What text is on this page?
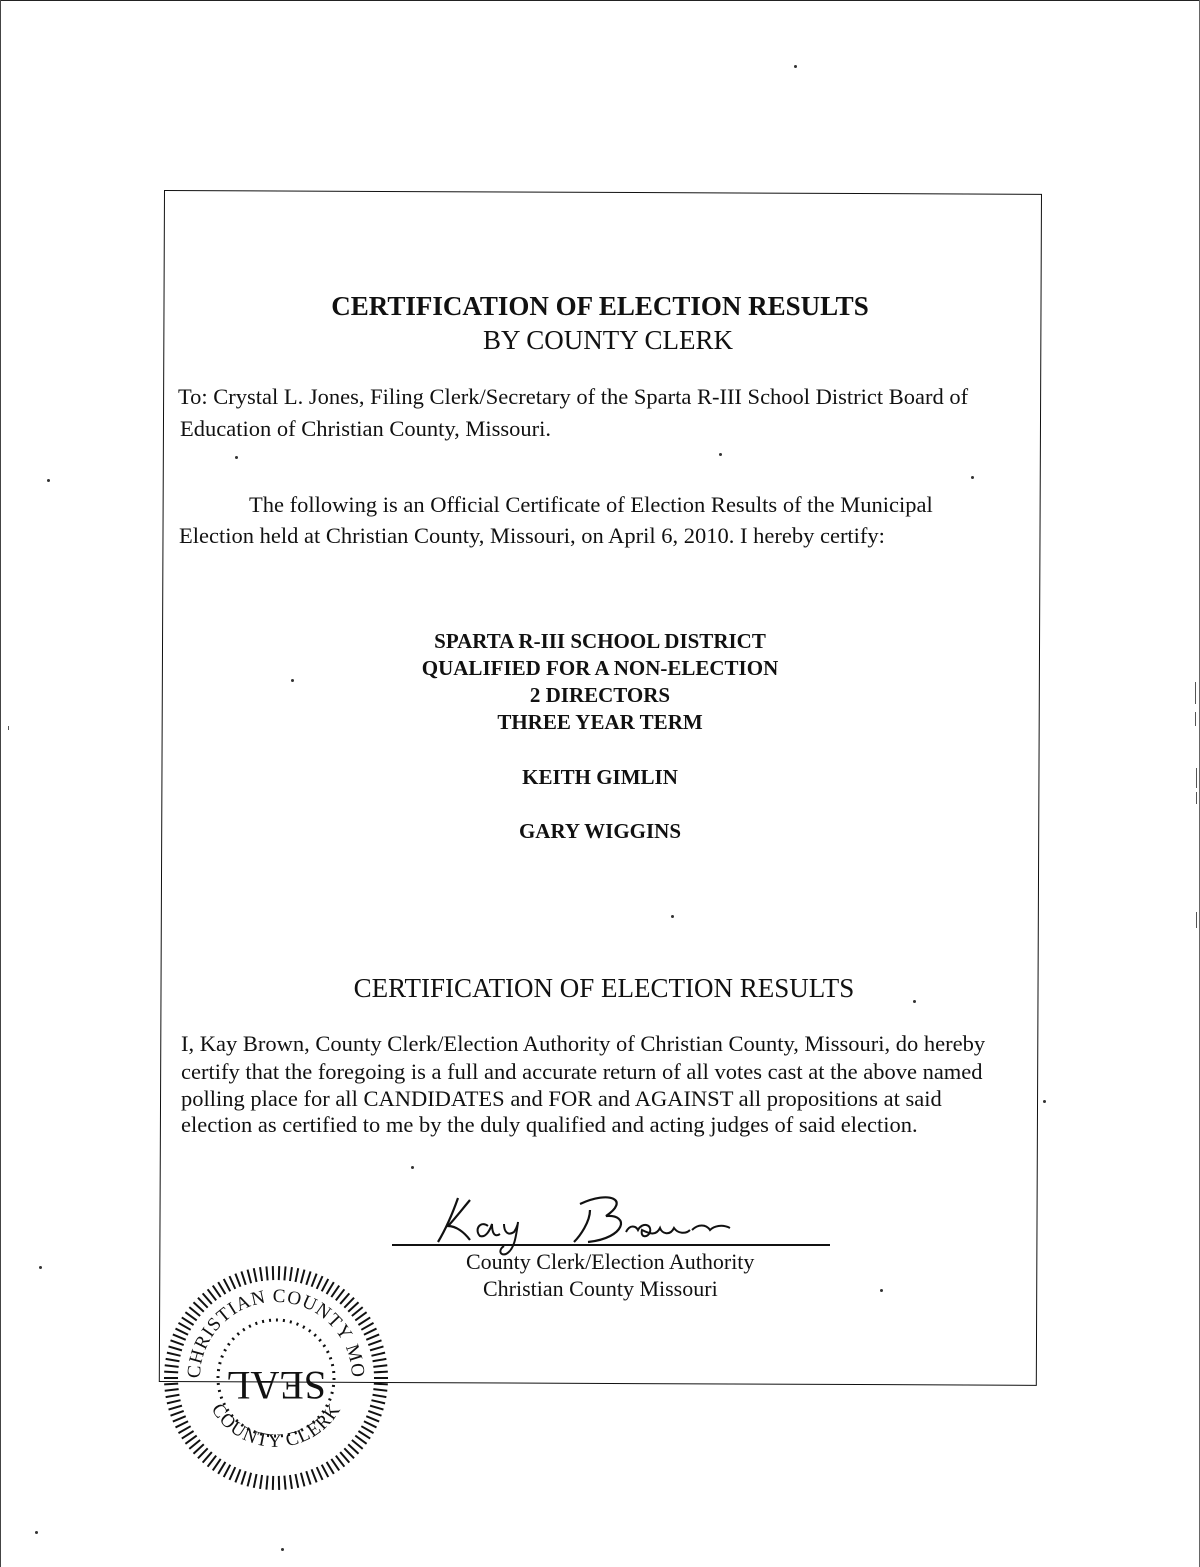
CERTIFICATION OF ELECTION RESULTS
BY COUNTY CLERK
To: Crystal L. Jones, Filing Clerk/Secretary of the Sparta R-III School District Board of
Education of Christian County, Missouri.
The following is an Official Certificate of Election Results of the Municipal
Election held at Christian County, Missouri, on April 6, 2010. I hereby certify:
SPARTA R-III SCHOOL DISTRICT
QUALIFIED FOR A NON-ELECTION
2 DIRECTORS
THREE YEAR TERM
KEITH GIMLIN
GARY WIGGINS
CERTIFICATION OF ELECTION RESULTS
I, Kay Brown, County Clerk/Election Authority of Christian County, Missouri, do hereby
certify that the foregoing is a full and accurate return of all votes cast at the above named
polling place for all CANDIDATES and FOR and AGAINST all propositions at said
election as certified to me by the duly qualified and acting judges of said election.
County Clerk/Election Authority
Christian County Missouri
CHRISTIAN COUNTY MO
COUNTY CLERK
SEAL
